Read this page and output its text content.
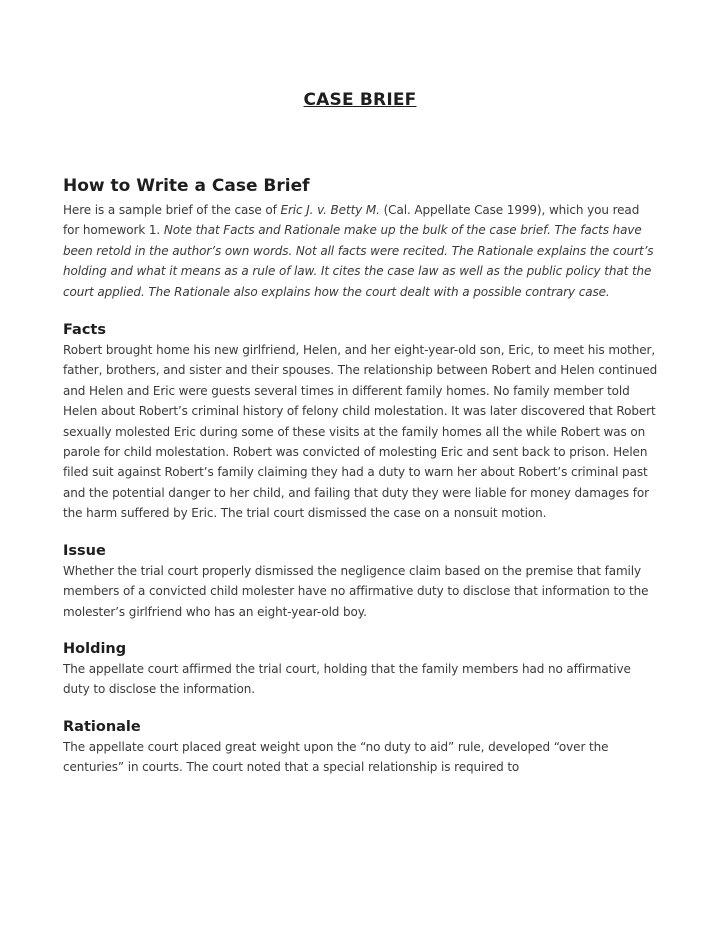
CASE BRIEF
How to Write a Case Brief

Here is a sample brief of the case of Eric J. v. Betty M. (Cal. Appellate Case 1999), which you read for homework 1. Note that Facts and Rationale make up the bulk of the case brief. The facts have been retold in the author’s own words. Not all facts were recited. The Rationale explains the court’s holding and what it means as a rule of law. It cites the case law as well as the public policy that the court applied. The Rationale also explains how the court dealt with a possible contrary case.

Facts

Robert brought home his new girlfriend, Helen, and her eight-year-old son, Eric, to meet his mother, father, brothers, and sister and their spouses. The relationship between Robert and Helen continued and Helen and Eric were guests several times in different family homes. No family member told Helen about Robert’s criminal history of felony child molestation. It was later discovered that Robert sexually molested Eric during some of these visits at the family homes all the while Robert was on parole for child molestation. Robert was convicted of molesting Eric and sent back to prison. Helen filed suit against Robert’s family claiming they had a duty to warn her about Robert’s criminal past and the potential danger to her child, and failing that duty they were liable for money damages for the harm suffered by Eric. The trial court dismissed the case on a nonsuit motion.

Issue

Whether the trial court properly dismissed the negligence claim based on the premise that family members of a convicted child molester have no affirmative duty to disclose that information to the molester’s girlfriend who has an eight-year-old boy.

Holding

The appellate court affirmed the trial court, holding that the family members had no affirmative duty to disclose the information.

Rationale

The appellate court placed great weight upon the “no duty to aid” rule, developed “over the centuries” in courts. The court noted that a special relationship is required to
